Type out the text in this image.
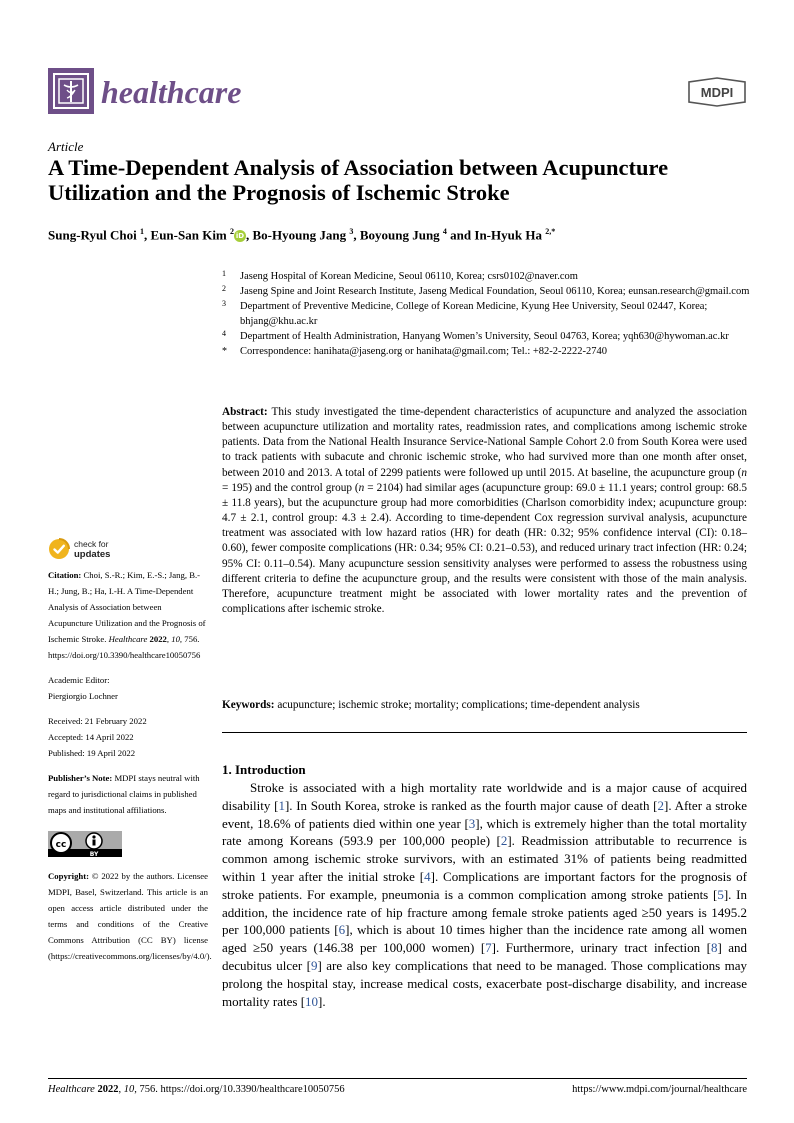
healthcare	MDPI
Article
A Time-Dependent Analysis of Association between Acupuncture Utilization and the Prognosis of Ischemic Stroke
Sung-Ryul Choi $^1$, Eun-San Kim $^2$iD , Bo-Hyoung Jang $^3$, Boyoung Jung $^4$ and In-Hyuk Ha $^{2,*}$
1 Jaseng Hospital of Korean Medicine, Seoul 06110, Korea; csrs0102@naver.com
2 Jaseng Spine and Joint Research Institute, Jaseng Medical Foundation, Seoul 06110, Korea; eunsan.research@gmail.com
3 Department of Preventive Medicine, College of Korean Medicine, Kyung Hee University, Seoul 02447, Korea; bhjang@khu.ac.kr
4 Department of Health Administration, Hanyang Women’s University, Seoul 04763, Korea; yqh630@hywoman.ac.kr
* Correspondence: hanihata@jaseng.org or hanihata@gmail.com; Tel.: +82-2-2222-2740
Abstract: This study investigated the time-dependent characteristics of acupuncture and analyzed the association between acupuncture utilization and mortality rates, readmission rates, and complications among ischemic stroke patients. Data from the National Health Insurance Service-National Sample Cohort 2.0 from South Korea were used to track patients with subacute and chronic ischemic stroke, who had survived more than one month after onset, between 2010 and 2013. A total of 2299 patients were followed up until 2015. At baseline, the acupuncture group (n = 195) and the control group (n = 2104) had similar ages (acupuncture group: 69.0 ± 11.1 years; control group: 68.5 ± 11.8 years), but the acupuncture group had more comorbidities (Charlson comorbidity index; acupuncture group: 4.7 ± 2.1, control group: 4.3 ± 2.4). According to time-dependent Cox regression survival analysis, acupuncture treatment was associated with low hazard ratios (HR) for death (HR: 0.32; 95% confidence interval (CI): 0.18–0.60), fewer composite complications (HR: 0.34; 95% CI: 0.21–0.53), and reduced urinary tract infection (HR: 0.24; 95% CI: 0.11–0.54). Many acupuncture session sensitivity analyses were performed to assess the robustness using different criteria to define the acupuncture group, and the results were consistent with those of the main analysis. Therefore, acupuncture treatment might be associated with lower mortality rates and the prevention of complications after ischemic stroke.
Keywords: acupuncture; ischemic stroke; mortality; complications; time-dependent analysis
check for
updates
Citation: Choi, S.-R.; Kim, E.-S.; Jang, B.-H.; Jung, B.; Ha, I.-H. A Time-Dependent Analysis of Association between Acupuncture Utilization and the Prognosis of Ischemic Stroke. Healthcare 2022, 10, 756. https://doi.org/10.3390/healthcare10050756
Academic Editor:
Piergiorgio Lochner
Received: 21 February 2022
Accepted: 14 April 2022
Published: 19 April 2022
Publisher’s Note: MDPI stays neutral with regard to jurisdictional claims in published maps and institutional affiliations.
cc
BY
Copyright: © 2022 by the authors. Licensee MDPI, Basel, Switzerland. This article is an open access article distributed under the terms and conditions of the Creative Commons Attribution (CC BY) license (https://creativecommons.org/licenses/by/4.0/).
1. Introduction

Stroke is associated with a high mortality rate worldwide and is a major cause of acquired disability [1]. In South Korea, stroke is ranked as the fourth major cause of death [2]. After a stroke event, 18.6% of patients died within one year [3], which is extremely higher than the total mortality rate among Koreans (593.9 per 100,000 people) [2]. Readmission attributable to recurrence is common among ischemic stroke survivors, with an estimated 31% of patients being readmitted within 1 year after the initial stroke [4]. Complications are important factors for the prognosis of stroke patients. For example, pneumonia is a common complication among stroke patients [5]. In addition, the incidence rate of hip fracture among female stroke patients aged ≥50 years is 1495.2 per 100,000 patients [6], which is about 10 times higher than the incidence rate among all women aged ≥50 years (146.38 per 100,000 women) [7]. Furthermore, urinary tract infection [8] and decubitus ulcer [9] are also key complications that need to be managed. Those complications may prolong the hospital stay, increase medical costs, exacerbate post-discharge disability, and increase mortality rates [10].

Healthcare 2022, 10, 756. https://doi.org/10.3390/healthcare10050756	https://www.mdpi.com/journal/healthcare
